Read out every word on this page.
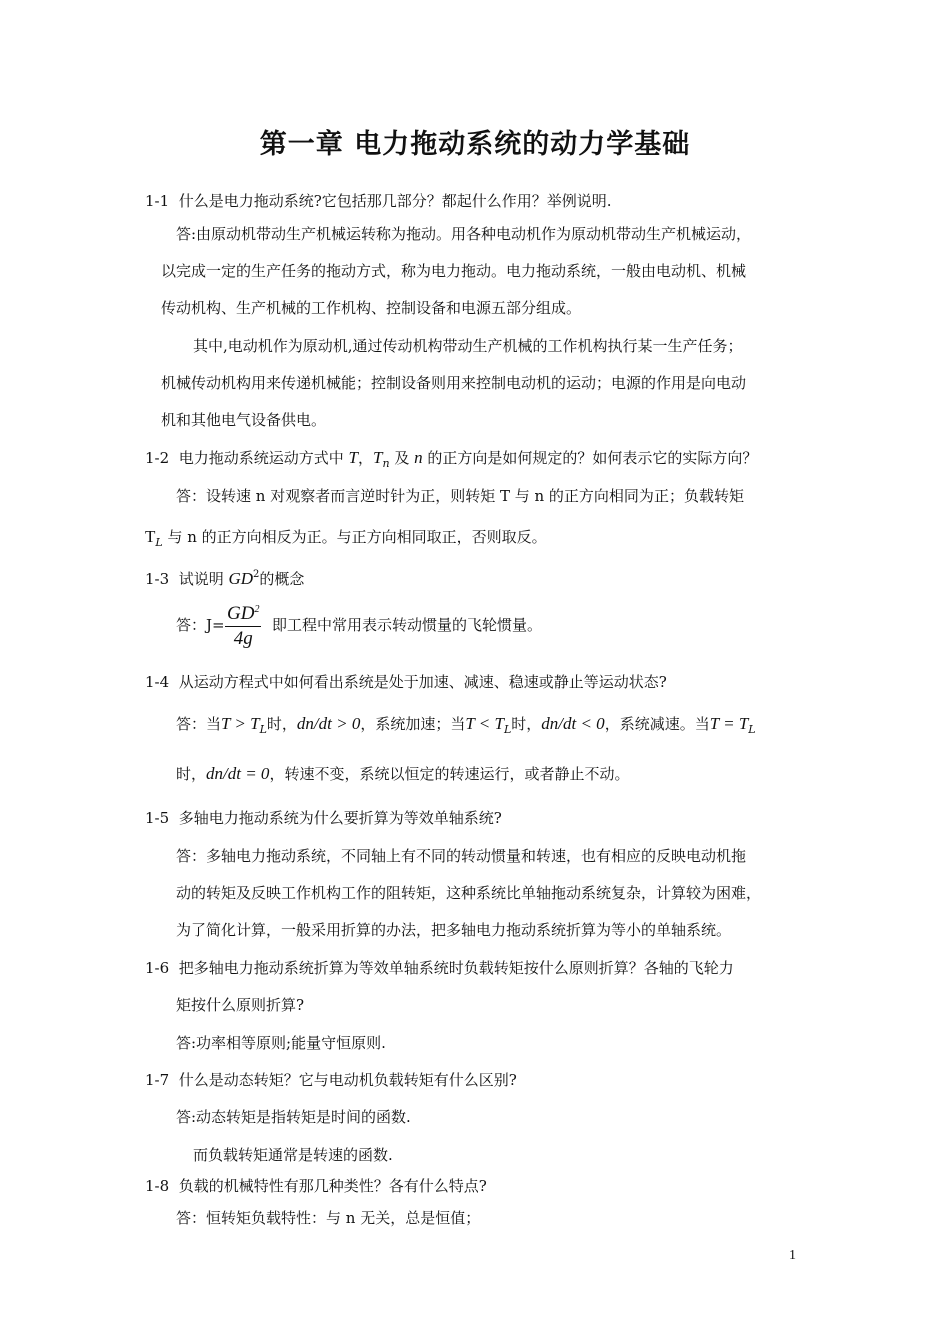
第一章 电力拖动系统的动力学基础
1-1 什么是电力拖动系统?它包括那几部分？都起什么作用？举例说明.
答:由原动机带动生产机械运转称为拖动。用各种电动机作为原动机带动生产机械运动，
以完成一定的生产任务的拖动方式，称为电力拖动。电力拖动系统，一般由电动机、机械
传动机构、生产机械的工作机构、控制设备和电源五部分组成。
其中,电动机作为原动机,通过传动机构带动生产机械的工作机构执行某一生产任务；
机械传动机构用来传递机械能；控制设备则用来控制电动机的运动；电源的作用是向电动
机和其他电气设备供电。
1-2 电力拖动系统运动方式中 T，$T_n$ 及 n 的正方向是如何规定的？如何表示它的实际方向？
答：设转速 n 对观察者而言逆时针为正，则转矩 T 与 n 的正方向相同为正；负载转矩
$T_L$ 与 n 的正方向相反为正。与正方向相同取正，否则取反。
1-3 试说明 $GD^2$的概念
答：$J= \frac{GD^2}{4g}$ 即工程中常用表示转动惯量的飞轮惯量。
1-4 从运动方程式中如何看出系统是处于加速、减速、稳速或静止等运动状态?
答：当$T > T_L$时，dn/dt > 0，系统加速；当$T < T_L$时，dn/dt < 0，系统减速。当$T = T_L$
时，dn/dt = 0，转速不变，系统以恒定的转速运行，或者静止不动。
1-5 多轴电力拖动系统为什么要折算为等效单轴系统?
答：多轴电力拖动系统，不同轴上有不同的转动惯量和转速，也有相应的反映电动机拖
动的转矩及反映工作机构工作的阻转矩，这种系统比单轴拖动系统复杂，计算较为困难，
为了简化计算，一般采用折算的办法，把多轴电力拖动系统折算为等小的单轴系统。
1-6 把多轴电力拖动系统折算为等效单轴系统时负载转矩按什么原则折算？各轴的飞轮力
矩按什么原则折算?
答:功率相等原则;能量守恒原则.
1-7 什么是动态转矩？它与电动机负载转矩有什么区别?
答:动态转矩是指转矩是时间的函数.
而负载转矩通常是转速的函数.
1-8 负载的机械特性有那几种类性？各有什么特点?
答：恒转矩负载特性：与 n 无关，总是恒值；
1
